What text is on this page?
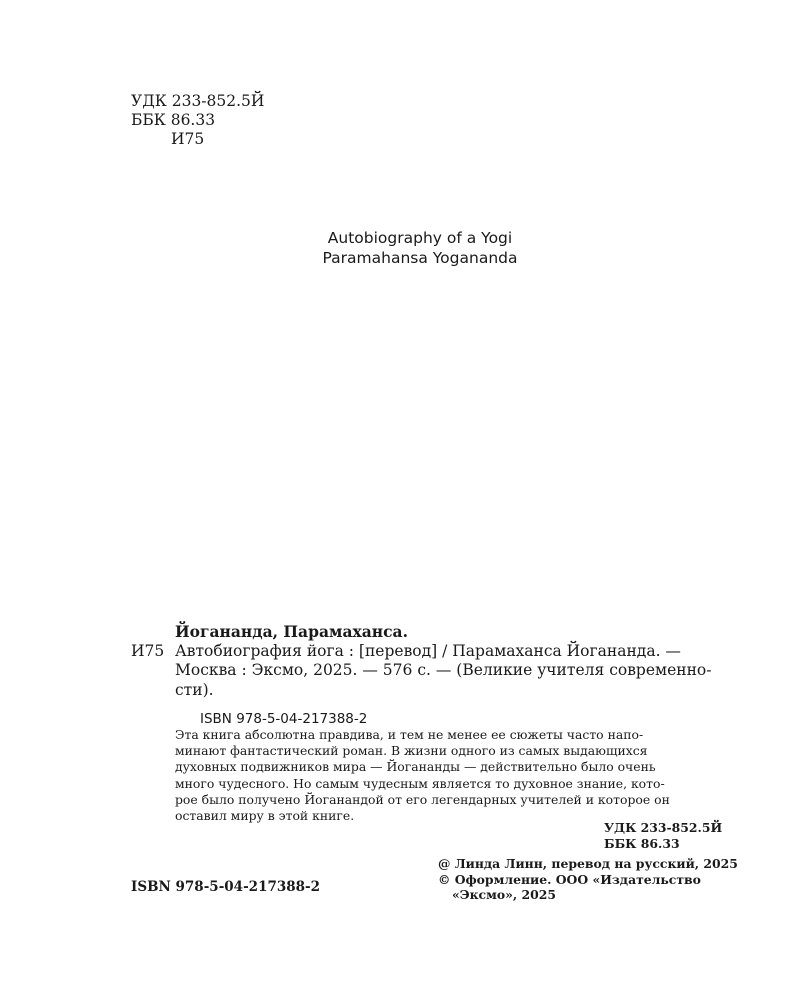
УДК 233-852.5Й
ББК 86.33
И75
Autobiography of a Yogi
Paramahansa Yogananda
Йогананда, Парамаханса.
И75 Автобиография йога : [перевод] / Парамаханса Йогананда. —
Москва : Эксмо, 2025. — 576 с. — (Великие учителя современно-
сти).
ISBN 978-5-04-217388-2
Эта книга абсолютна правдива, и тем не менее ее сюжеты часто напо-
минают фантастический роман. В жизни одного из самых выдающихся
духовных подвижников мира — Йогананды — действительно было очень
много чудесного. Но самым чудесным является то духовное знание, кото-
рое было получено Йоганандой от его легендарных учителей и которое он
оставил миру в этой книге.
УДК 233-852.5Й
ББК 86.33
@ Линда Линн, перевод на русский, 2025
© Оформление. ООО «Издательство
«Эксмо», 2025
ISBN 978-5-04-217388-2
